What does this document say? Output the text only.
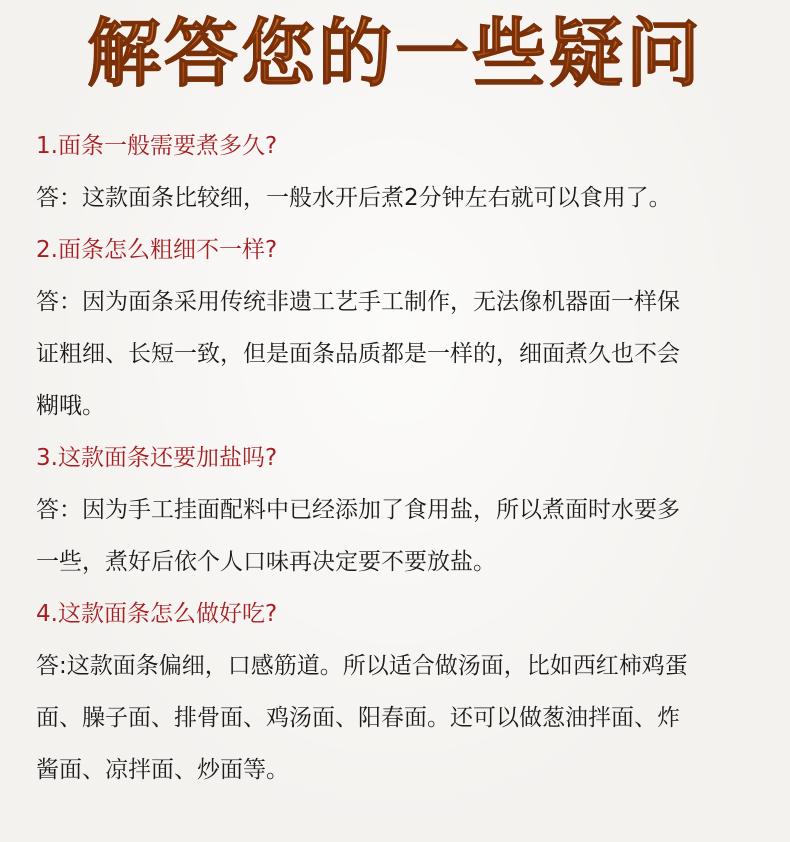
解答您的一些疑问
1.面条一般需要煮多久?
答：这款面条比较细，一般水开后煮2分钟左右就可以食用了。
2.面条怎么粗细不一样?
答：因为面条采用传统非遗工艺手工制作，无法像机器面一样保
证粗细、长短一致，但是面条品质都是一样的，细面煮久也不会
糊哦。
3.这款面条还要加盐吗?
答：因为手工挂面配料中已经添加了食用盐，所以煮面时水要多
一些，煮好后依个人口味再决定要不要放盐。
4.这款面条怎么做好吃?
答:这款面条偏细，口感筋道。所以适合做汤面，比如西红柿鸡蛋
面、臊子面、排骨面、鸡汤面、阳春面。还可以做葱油拌面、炸
酱面、凉拌面、炒面等。
